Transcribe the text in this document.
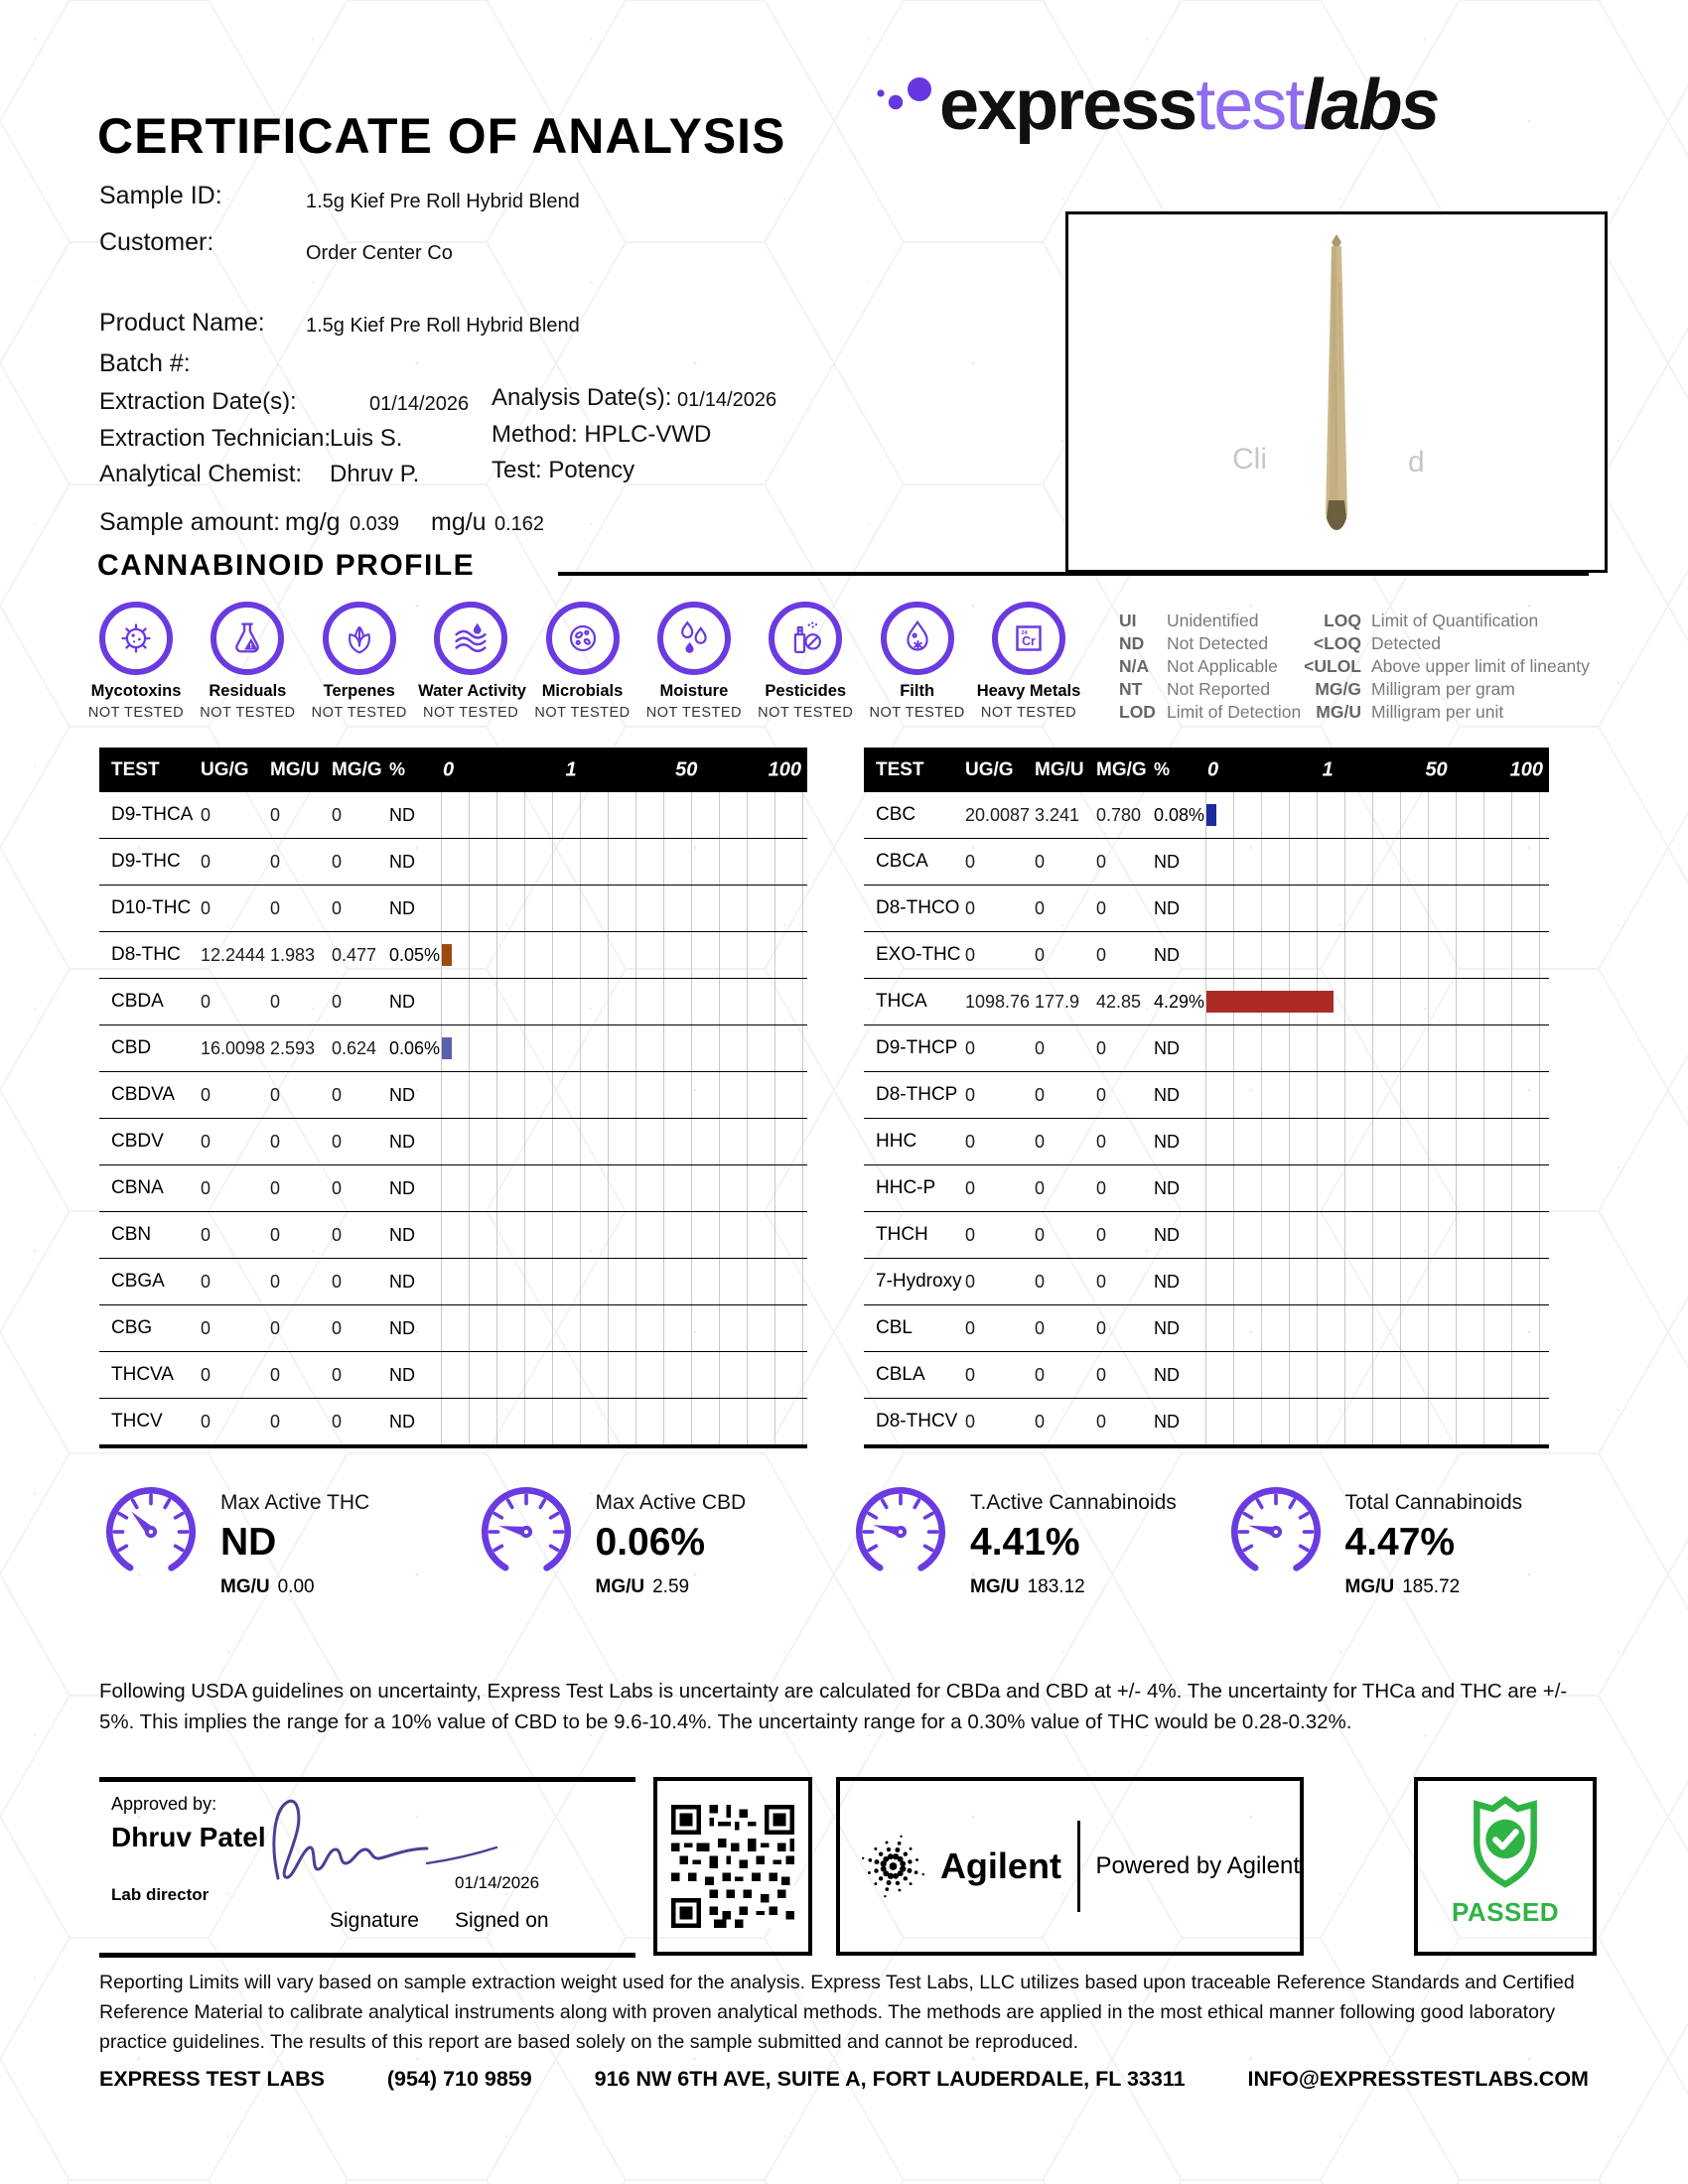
CERTIFICATE OF ANALYSIS expresstestlabs
Sample ID:	1.5g Kief Pre Roll Hybrid Blend
Customer:	Order Center Co
Product Name: 1.5g Kief Pre Roll Hybrid Blend
Batch #:
Extraction Date(s):	01/14/2026 Analysis Date(s): 01/14/2026
Extraction Technician:
Luis S.	Method: HPLC-VWD
Analytical Chemist: Dhruv P.	Test: Potency
Sample amount: mg/g 0.039 mg/u 0.162
Cli	d
CANNABINOID PROFILE
Mycotoxins
NOT TESTED
!
Residuals
NOT TESTED
Terpenes
NOT TESTED
Water Activity
NOT TESTED
Microbials
NOT TESTED
Moisture
NOT TESTED
Pesticides
NOT TESTED
Filth
NOT TESTED
Cr
24
Heavy Metals
NOT TESTED
UI	Unidentified
ND	Not Detected
N/A	Not Applicable
NT	Not Reported
LOD Limit of Detection
LOQ Limit of Quantification
<LOQ Detected
<ULOL Above upper limit of lineanty
MG/G Milligram per gram
MG/U Milligram per unit
TEST	UG/G	MG/U MG/G %	0	1	50	100
D9-THCA 0	0	0	ND
D9-THC	0	0	0	ND
D10-THC 0	0	0	ND
D8-THC	12.2444 1.983 0.477 0.05%
CBDA	0	0	0	ND
CBD	16.0098 2.593 0.624 0.06%
CBDVA	0	0	0	ND
CBDV	0	0	0	ND
CBNA	0	0	0	ND
CBN	0	0	0	ND
CBGA	0	0	0	ND
CBG	0	0	0	ND
THCVA	0	0	0	ND
THCV	0	0	0	ND
TEST	UG/G	MG/U MG/G %	0	1	50	100
CBC	20.0087 3.241 0.780 0.08%
CBCA	0	0	0	ND
D8-THCO 0	0	0	ND
EXO-THC 0	0	0	ND
THCA	1098.76 177.9 42.85 4.29%
D9-THCP 0	0	0	ND
D8-THCP 0	0	0	ND
HHC	0	0	0	ND
HHC-P	0	0	0	ND
THCH	0	0	0	ND
7-Hydroxy 0	0	0	ND
CBL	0	0	0	ND
CBLA	0	0	0	ND
D8-THCV 0	0	0	ND
Max Active THC
ND
MG/U 0.00
Max Active CBD
0.06%
MG/U 2.59
T.Active Cannabinoids
4.41%
MG/U 183.12
Total Cannabinoids
4.47%
MG/U 185.72
Following USDA guidelines on uncertainty, Express Test Labs is uncertainty are calculated for CBDa and CBD at +/- 4%. The uncertainty for THCa and THC are +/- 5%. This implies the range for a 10% value of CBD to be 9.6-10.4%. The uncertainty range for a 0.30% value of THC would be 0.28-0.32%.
Approved by:
Dhruv Patel
Lab director
Signature
01/14/2026
Signed on
Agilent Powered by Agilent
PASSED
Reporting Limits will vary based on sample extraction weight used for the analysis. Express Test Labs, LLC utilizes based upon traceable Reference Standards and Certified Reference Material to calibrate analytical instruments along with proven analytical methods. The methods are applied in the most ethical manner following good laboratory practice guidelines. The results of this report are based solely on the sample submitted and cannot be reproduced.
EXPRESS TEST LABS	(954) 710 9859	916 NW 6TH AVE, SUITE A, FORT LAUDERDALE, FL 33311	INFO@EXPRESSTESTLABS.COM
